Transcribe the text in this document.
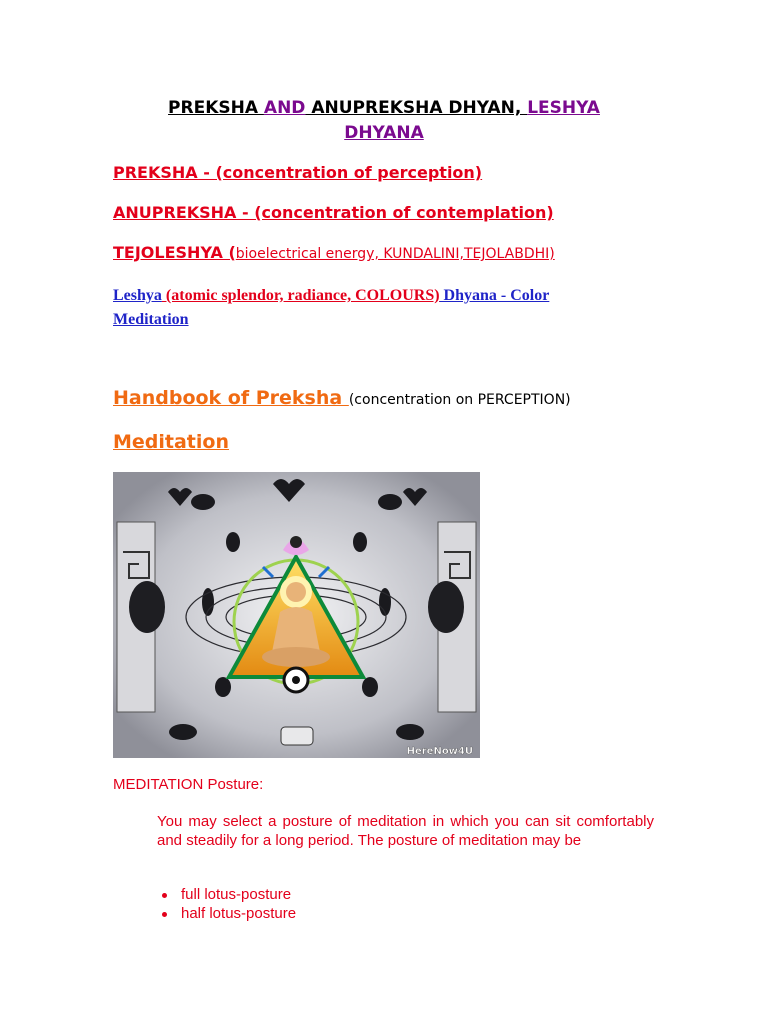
PREKSHA AND ANUPREKSHA DHYAN, LESHYA
DHYANA
PREKSHA - (concentration of perception)
ANUPREKSHA - (concentration of contemplation)
TEJOLESHYA (bioelectrical energy, KUNDALINI,TEJOLABDHI)
Leshya (atomic splendor, radiance, COLOURS) Dhyana - Color
Meditation
Handbook of Preksha (concentration on PERCEPTION)
Meditation
HereNow4U
MEDITATION Posture:
You may select a posture of meditation in which you can sit comfortably and steadily for a long period. The posture of meditation may be
full lotus-posture
half lotus-posture
